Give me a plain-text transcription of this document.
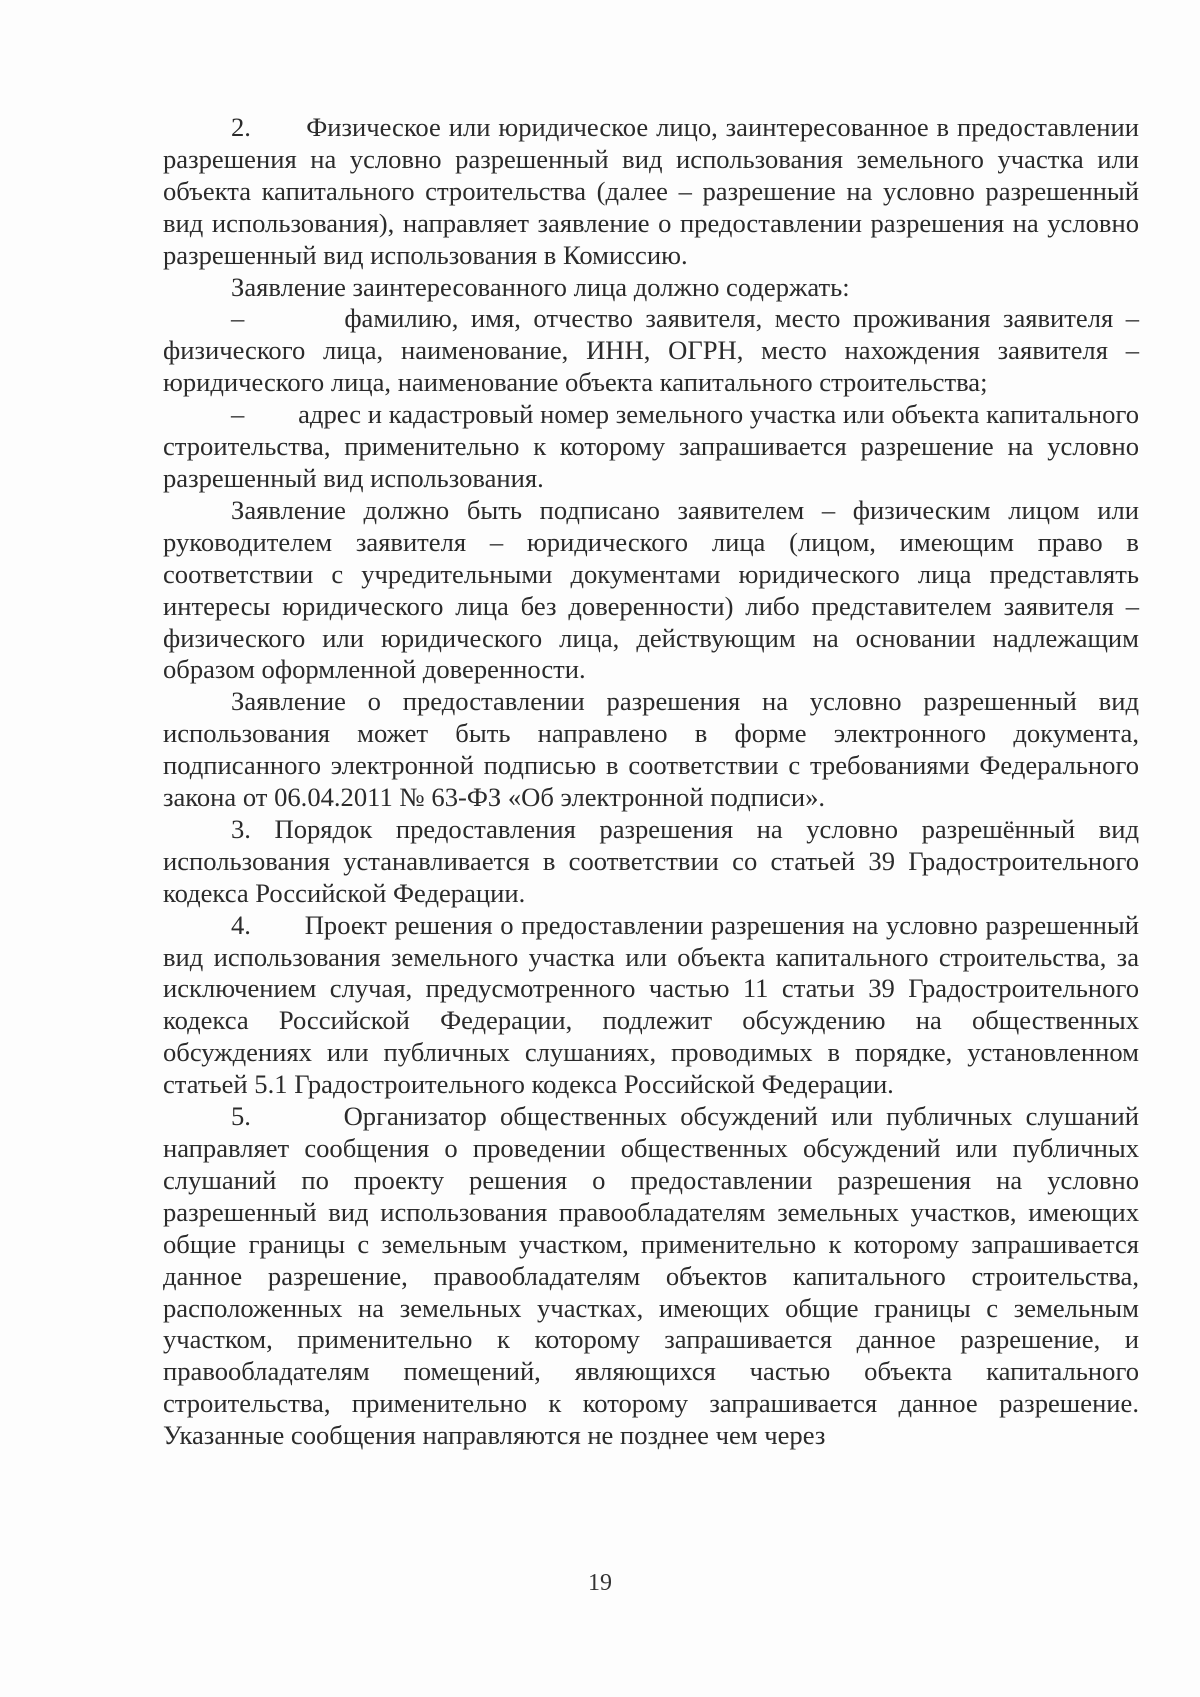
2.       Физическое или юридическое лицо, заинтересованное в предоставлении разрешения на условно разрешенный вид использования земельного участка или объекта капитального строительства (далее – разрешение на условно разрешенный вид использования), направляет заявление о предоставлении разрешения на условно разрешенный вид использования в Комиссию.

Заявление заинтересованного лица должно содержать:

–        фамилию, имя, отчество заявителя, место проживания заявителя – физического лица, наименование, ИНН, ОГРН, место нахождения заявителя – юридического лица, наименование объекта капитального строительства;

–        адрес и кадастровый номер земельного участка или объекта капитального строительства, применительно к которому запрашивается разрешение на условно разрешенный вид использования.

Заявление должно быть подписано заявителем – физическим лицом или руководителем заявителя – юридического лица (лицом, имеющим право в соответствии с учредительными документами юридического лица представлять интересы юридического лица без доверенности) либо представителем заявителя – физического или юридического лица, действующим на основании надлежащим образом оформленной доверенности.

Заявление о предоставлении разрешения на условно разрешенный вид использования может быть направлено в форме электронного документа, подписанного электронной подписью в соответствии с требованиями Федерального закона от 06.04.2011 № 63-ФЗ «Об электронной подписи».

3. Порядок предоставления разрешения на условно разрешённый вид использования устанавливается в соответствии со статьей 39 Градостроительного кодекса Российской Федерации.

4.       Проект решения о предоставлении разрешения на условно разрешенный вид использования земельного участка или объекта капитального строительства, за исключением случая, предусмотренного частью 11 статьи 39 Градостроительного кодекса Российской Федерации, подлежит обсуждению на общественных обсуждениях или публичных слушаниях, проводимых в порядке, установленном статьей 5.1 Градостроительного кодекса Российской Федерации.

5.       Организатор общественных обсуждений или публичных слушаний направляет сообщения о проведении общественных обсуждений или публичных слушаний по проекту решения о предоставлении разрешения на условно разрешенный вид использования правообладателям земельных участков, имеющих общие границы с земельным участком, применительно к которому запрашивается данное разрешение, правообладателям объектов капитального строительства, расположенных на земельных участках, имеющих общие границы с земельным участком, применительно к которому запрашивается данное разрешение, и правообладателям помещений, являющихся частью объекта капитального строительства, применительно к которому запрашивается данное разрешение. Указанные сообщения направляются не позднее чем через

19
